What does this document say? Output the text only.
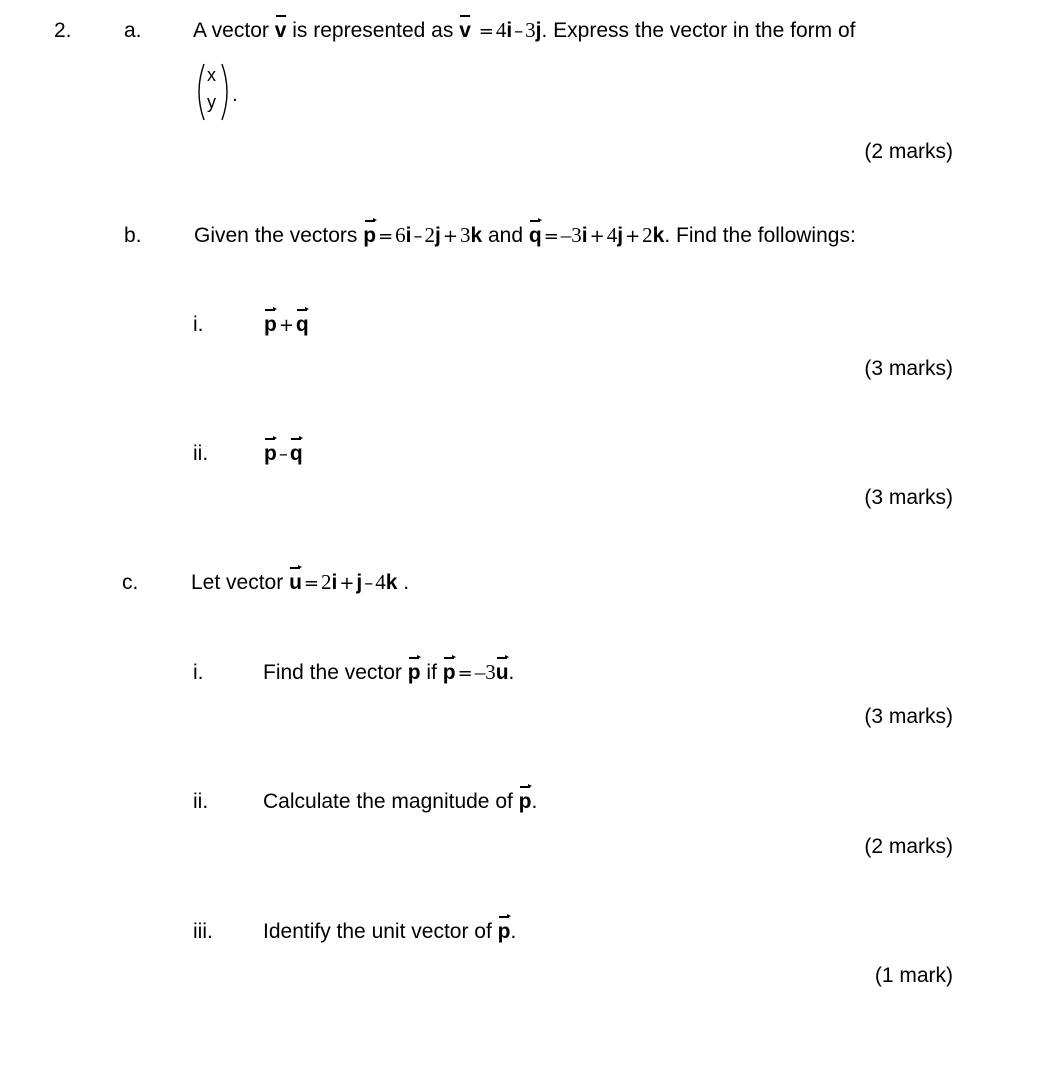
2. a. A vector v is represented as v =4i –3j. Express the vector in the form of
x
y .
(2 marks)
b. Given the vectors p =6i –2j +3k and q =–3i +4j +2k. Find the followings:
i.	p +q
(3 marks)
ii.	p –q
(3 marks)
c.	Let vector u =2i +j –4k .
i.	Find the vector p if p =–3u.
(3 marks)
ii.	Calculate the magnitude of p.
(2 marks)
iii. Identify the unit vector of p.
(1 mark)
